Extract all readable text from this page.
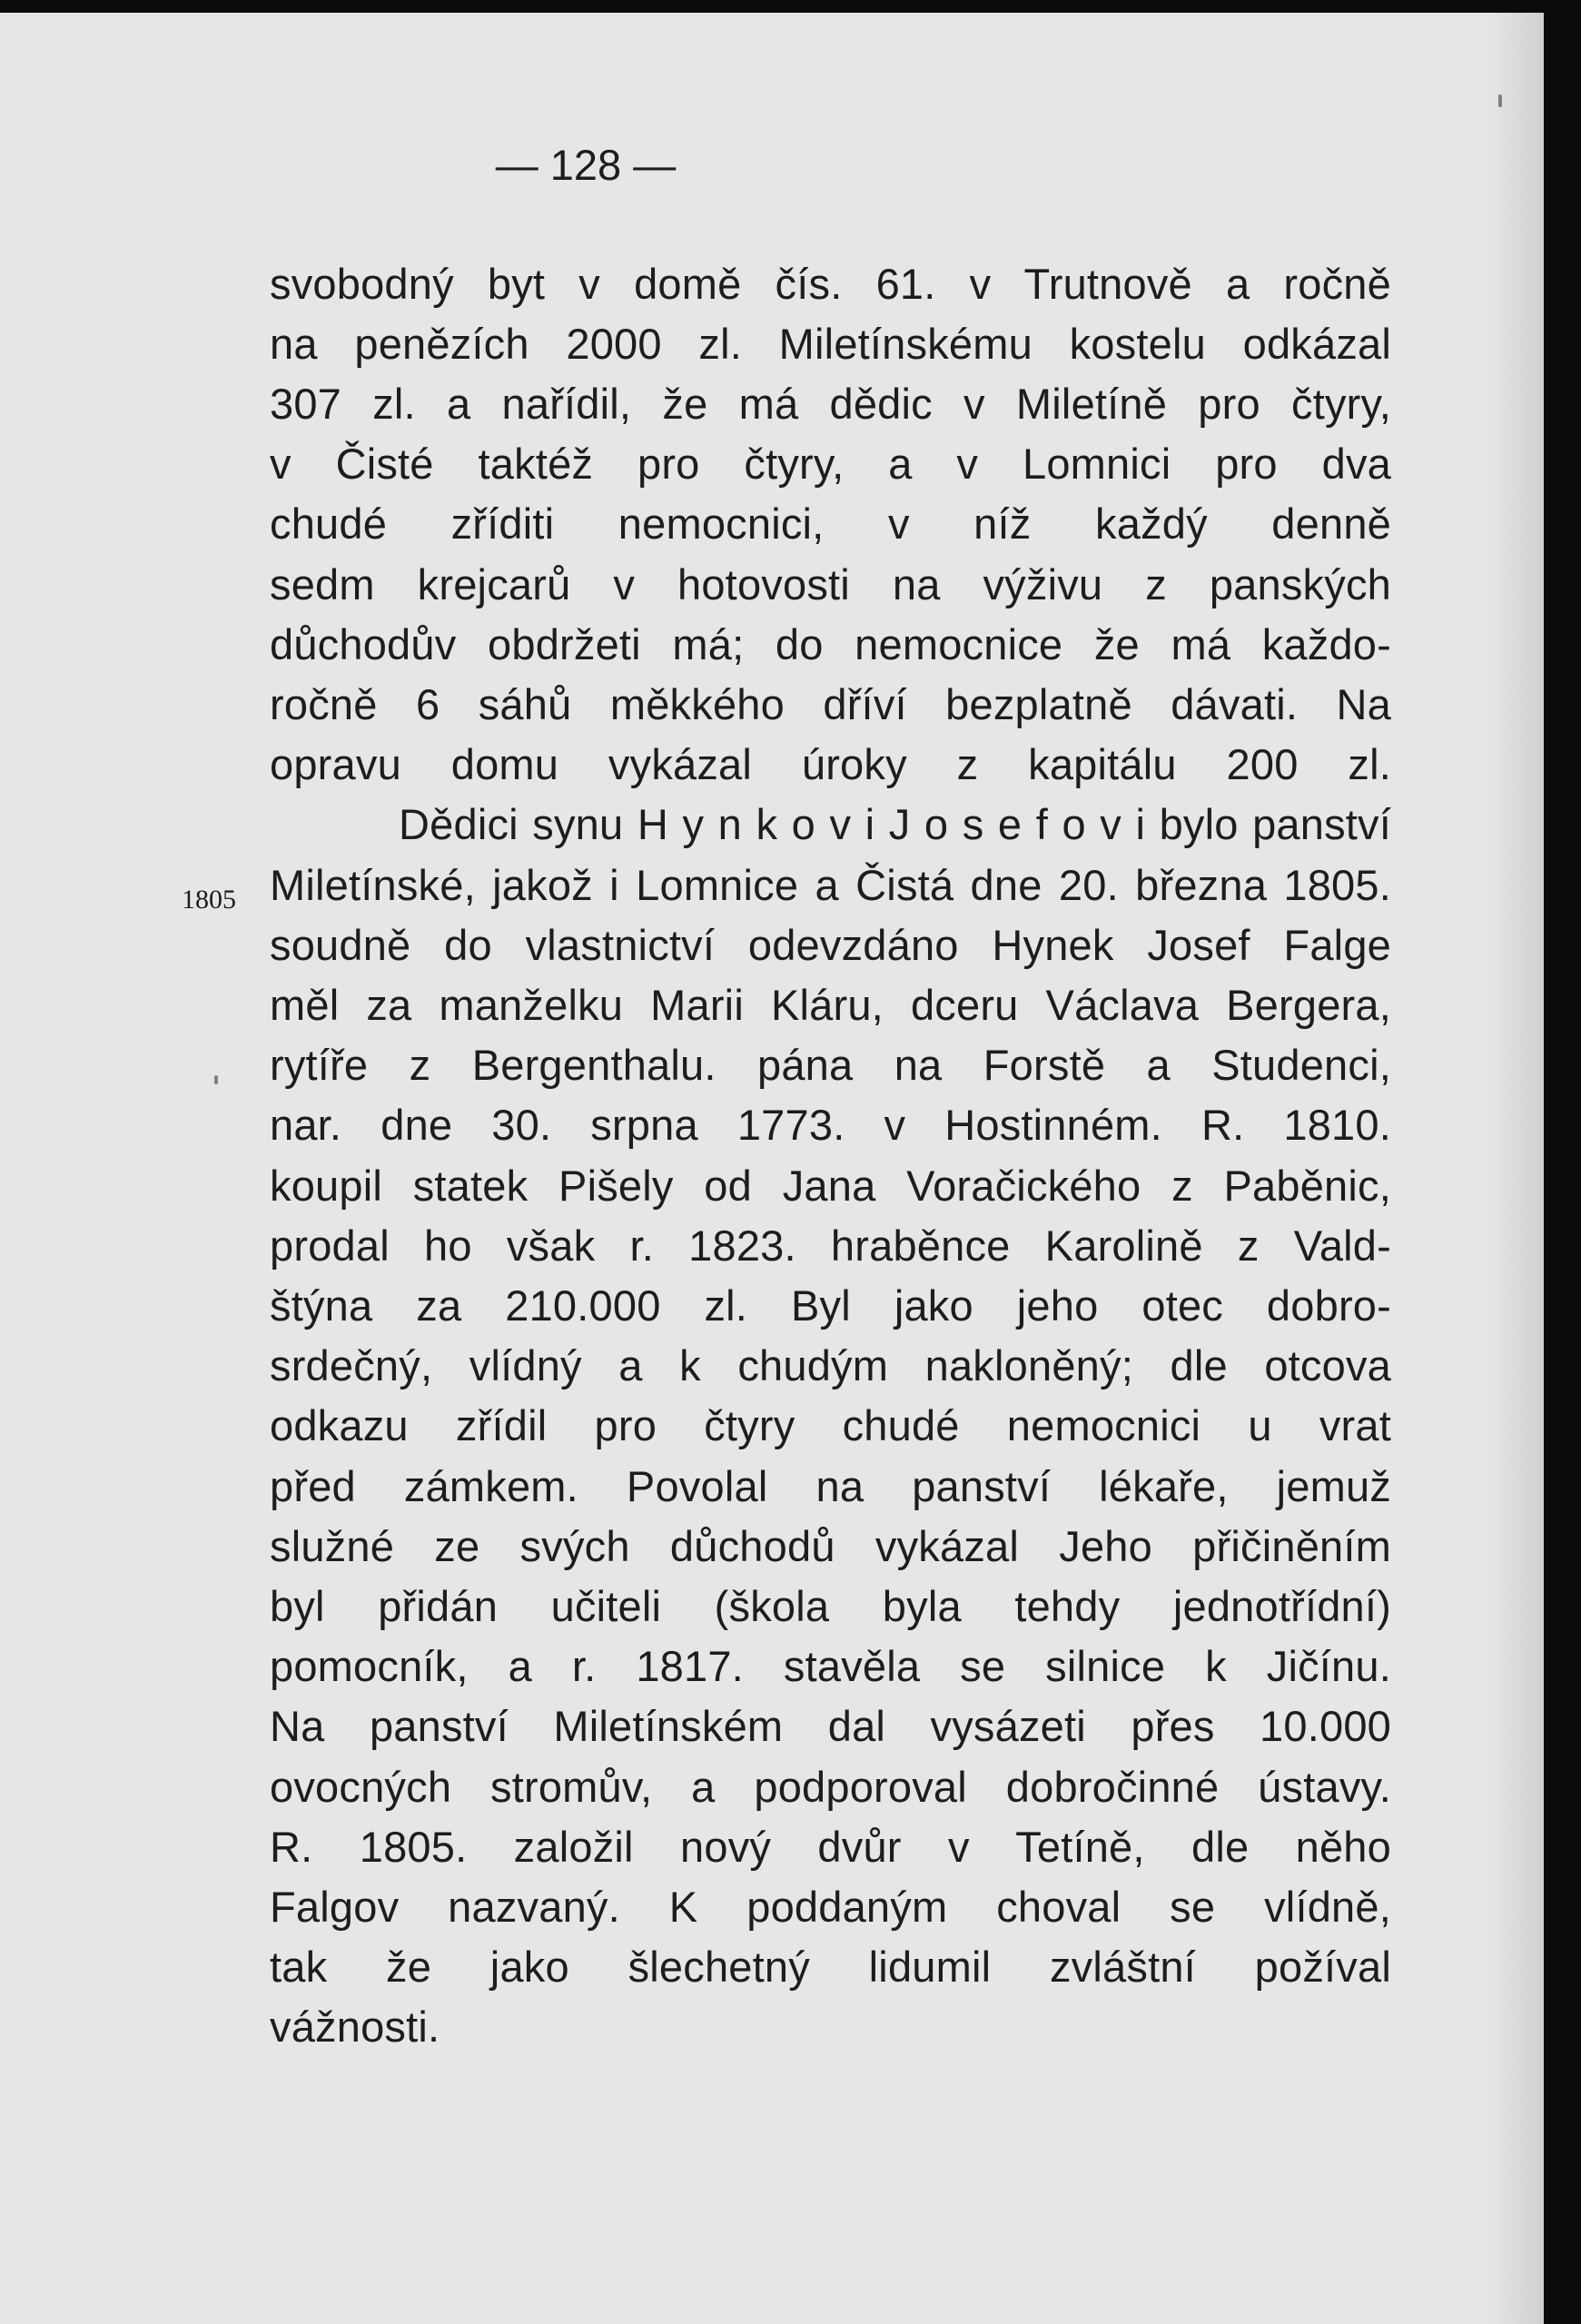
— 128 —
1805
svobodný byt v domě čís. 61. v Trutnově a ročně
na penězích 2000 zl. Miletínskému kostelu odkázal
307 zl. a nařídil, že má dědic v Miletíně pro čtyry,
v Čisté taktéž pro čtyry, a v Lomnici pro dva
chudé zříditi nemocnici, v níž každý denně
sedm krejcarů v hotovosti na výživu z panských
důchodův obdržeti má; do nemocnice že má každo-
ročně 6 sáhů měkkého dříví bezplatně dávati. Na
opravu domu vykázal úroky z kapitálu 200 zl.
Dědici synu H y n k o v i J o s e f o v i bylo panství
Miletínské, jakož i Lomnice a Čistá dne 20. března 1805.
soudně do vlastnictví odevzdáno Hynek Josef Falge
měl za manželku Marii Kláru, dceru Václava Bergera,
rytíře z Bergenthalu. pána na Forstě a Studenci,
nar. dne 30. srpna 1773. v Hostinném. R. 1810.
koupil statek Pišely od Jana Voračického z Paběnic,
prodal ho však r. 1823. hraběnce Karolině z Vald-
štýna za 210.000 zl. Byl jako jeho otec dobro-
srdečný, vlídný a k chudým nakloněný; dle otcova
odkazu zřídil pro čtyry chudé nemocnici u vrat
před zámkem. Povolal na panství lékaře, jemuž
služné ze svých důchodů vykázal Jeho přičiněním
byl přidán učiteli (škola byla tehdy jednotřídní)
pomocník, a r. 1817. stavěla se silnice k Jičínu.
Na panství Miletínském dal vysázeti přes 10.000
ovocných stromův, a podporoval dobročinné ústavy.
R. 1805. založil nový dvůr v Tetíně, dle něho
Falgov nazvaný. K poddaným choval se vlídně,
tak že jako šlechetný lidumil zvláštní požíval
vážnosti.
